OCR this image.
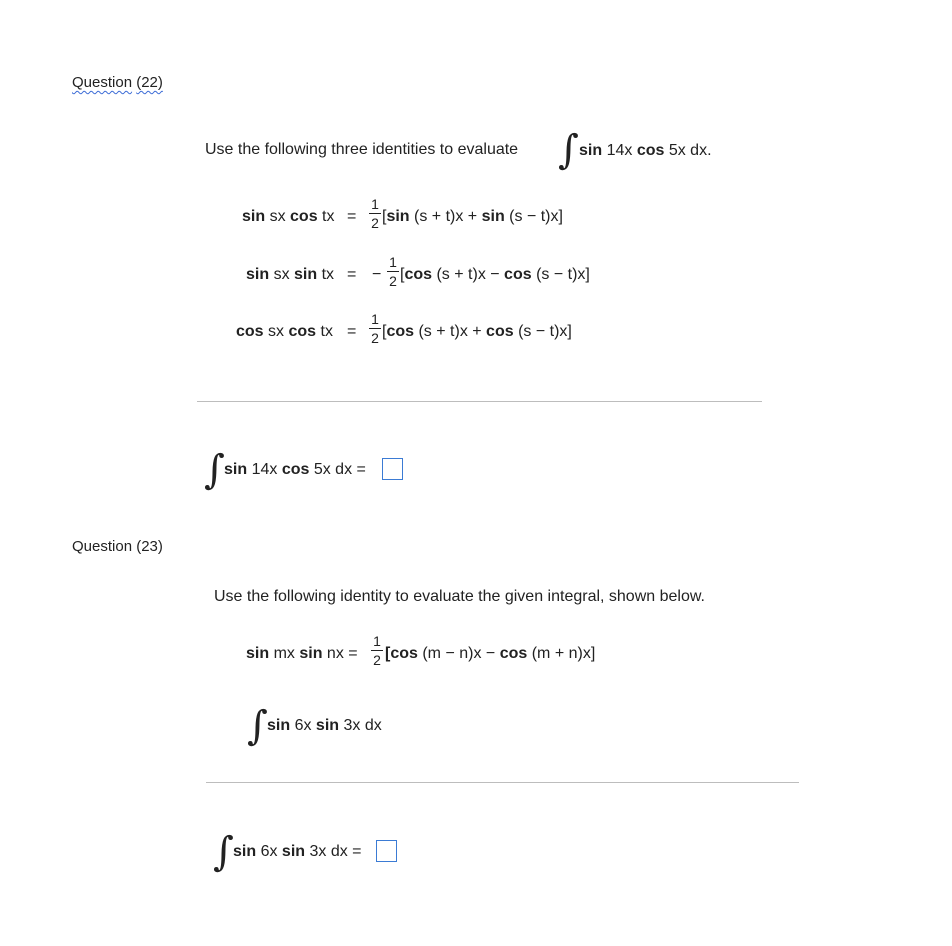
Question (22)
Use the following three identities to evaluate ∫ sin 14x cos 5x dx.
sin sx cos tx =
1
2 [sin (s + t)x + sin (s − t)x]
sin sx sin tx = −
1
2 [cos (s + t)x − cos (s − t)x]
cos sx cos tx =
1
2 [cos (s + t)x + cos (s − t)x]
∫ sin 14x cos 5x dx =
Question (23)
Use the following identity to evaluate the given integral, shown below.
sin mx sin nx =
1
2 [cos (m − n)x − cos (m + n)x]
∫ sin 6x sin 3x dx
∫ sin 6x sin 3x dx =
